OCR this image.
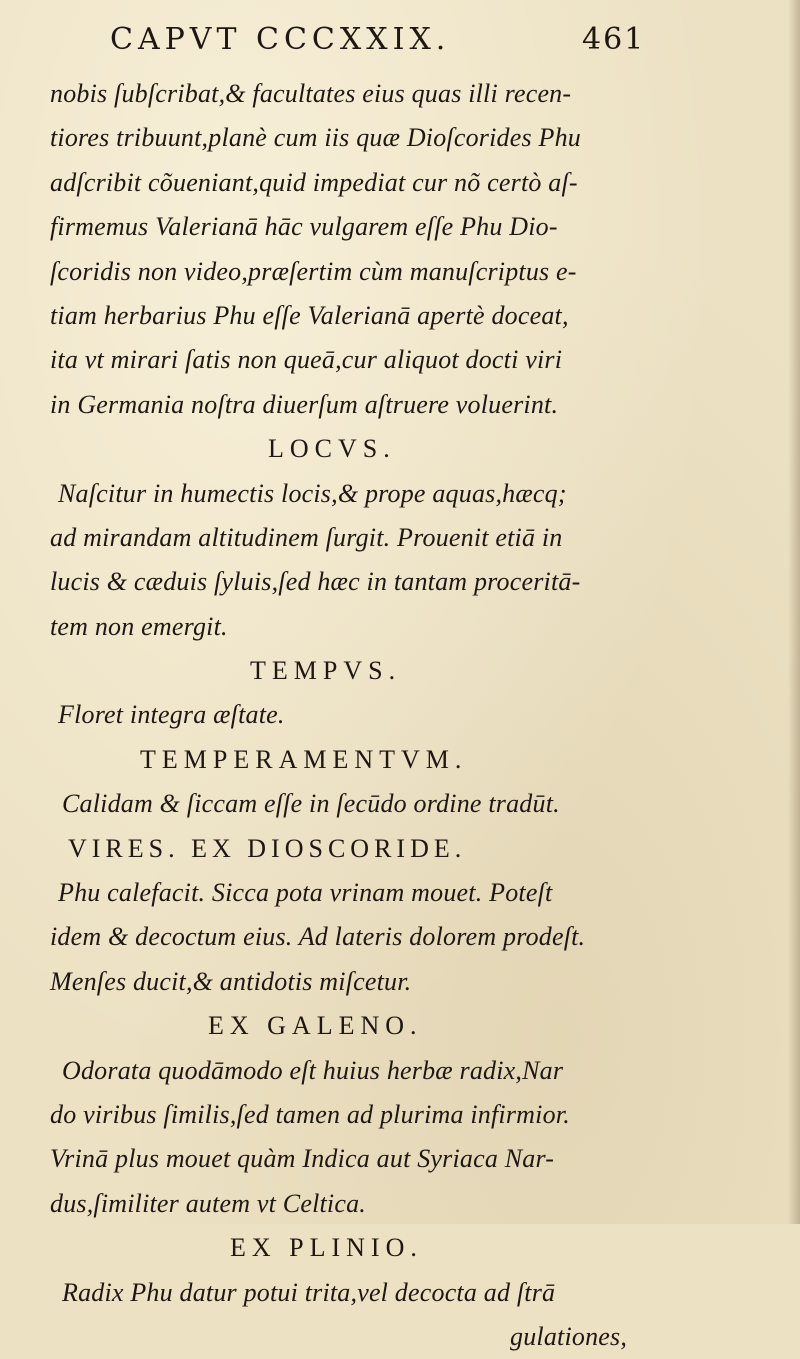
CAPVT CCCXXIX.	461
nobis ſubſcribat,& facultates eius quas illi recen-
tiores tribuunt,planè cum iis quæ Dioſcorides Phu
adſcribit cõueniant,quid impediat cur nõ certò aſ-
firmemus Valerianā hāc vulgarem eſſe Phu Dio-
ſcoridis non video,præſertim cùm manuſcriptus e-
tiam herbarius Phu eſſe Valerianā apertè doceat,
ita vt mirari ſatis non queā,cur aliquot docti viri
in Germania noſtra diuerſum aſtruere voluerint.
LOCVS.
Naſcitur in humectis locis,& prope aquas,hæcq;
ad mirandam altitudinem ſurgit. Prouenit etiā in
lucis & cæduis ſyluis,ſed hæc in tantam proceritā-
tem non emergit.
TEMPVS.
Floret integra æſtate.
TEMPERAMENTVM.
Calidam & ſiccam eſſe in ſecūdo ordine tradūt.
VIRES. EX DIOSCORIDE.
Phu calefacit. Sicca pota vrinam mouet. Poteſt
idem & decoctum eius. Ad lateris dolorem prodeſt.
Menſes ducit,& antidotis miſcetur.
EX GALENO.
Odorata quodāmodo eſt huius herbæ radix,Nar
do viribus ſimilis,ſed tamen ad plurima infirmior.
Vrinā plus mouet quàm Indica aut Syriaca Nar-
dus,ſimiliter autem vt Celtica.
EX PLINIO.
Radix Phu datur potui trita,vel decocta ad ſtrā
gulationes,
